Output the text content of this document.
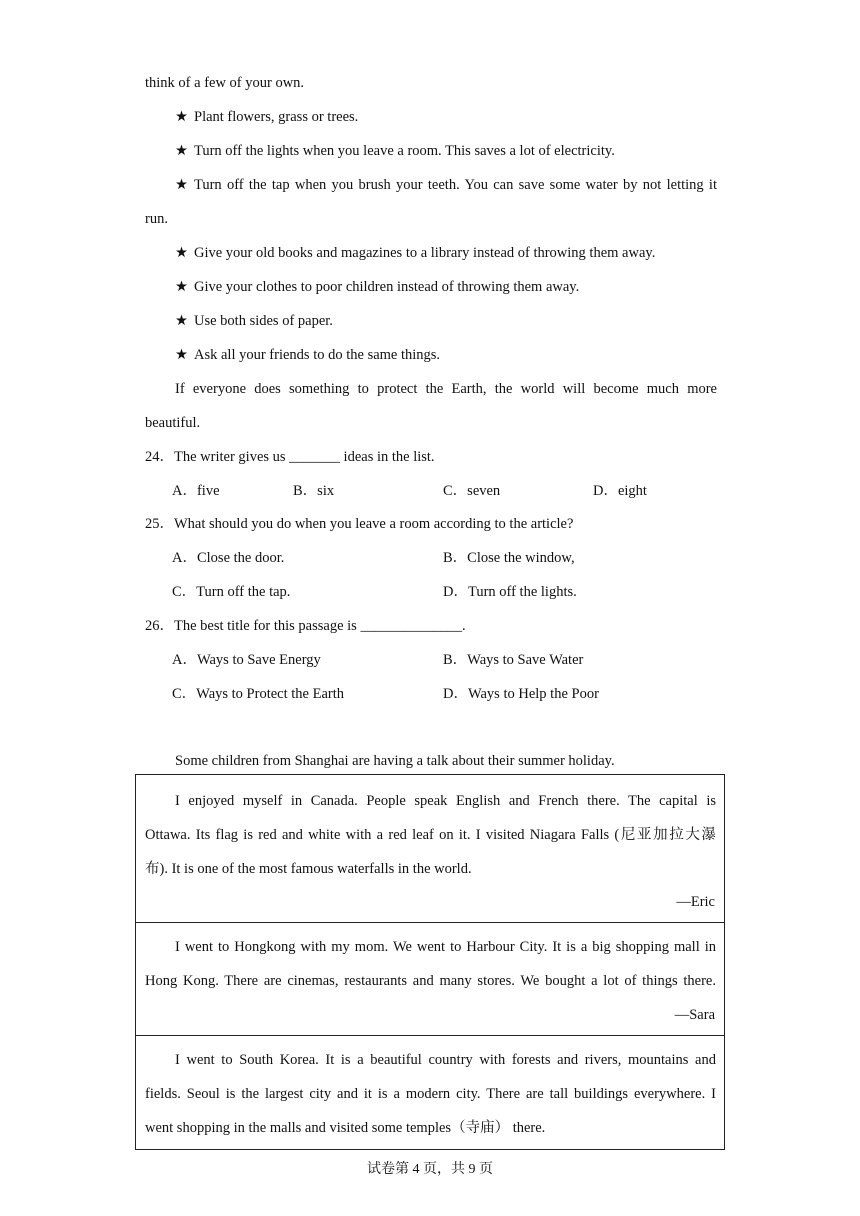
think of a few of your own.
★ Plant flowers, grass or trees.
★ Turn off the lights when you leave a room. This saves a lot of electricity.
★ Turn off the tap when you brush your teeth. You can save some water by not letting it
run.
★ Give your old books and magazines to a library instead of throwing them away.
★ Give your clothes to poor children instead of throwing them away.
★ Use both sides of paper.
★ Ask all your friends to do the same things.
If everyone does something to protect the Earth, the world will become much more
beautiful.
24．The writer gives us _______ ideas in the list.
A．five	B．six	C．seven	D．eight
25．What should you do when you leave a room according to the article?
A．Close the door.	B．Close the window,
C．Turn off the tap.	D．Turn off the lights.
26．The best title for this passage is ______________.
A．Ways to Save Energy	B．Ways to Save Water
C．Ways to Protect the Earth	D．Ways to Help the Poor
Some children from Shanghai are having a talk about their summer holiday.
I enjoyed myself in Canada. People speak English and French there. The capital is
Ottawa. Its flag is red and white with a red leaf on it. I visited Niagara Falls (尼亚加拉大瀑
布). It is one of the most famous waterfalls in the world.
—Eric
I went to Hongkong with my mom. We went to Harbour City. It is a big shopping mall in
Hong Kong. There are cinemas, restaurants and many stores. We bought a lot of things there.
—Sara
I went to South Korea. It is a beautiful country with forests and rivers, mountains and
fields. Seoul is the largest city and it is a modern city. There are tall buildings everywhere. I
went shopping in the malls and visited some temples（寺庙） there.
试卷第 4 页，共 9 页
